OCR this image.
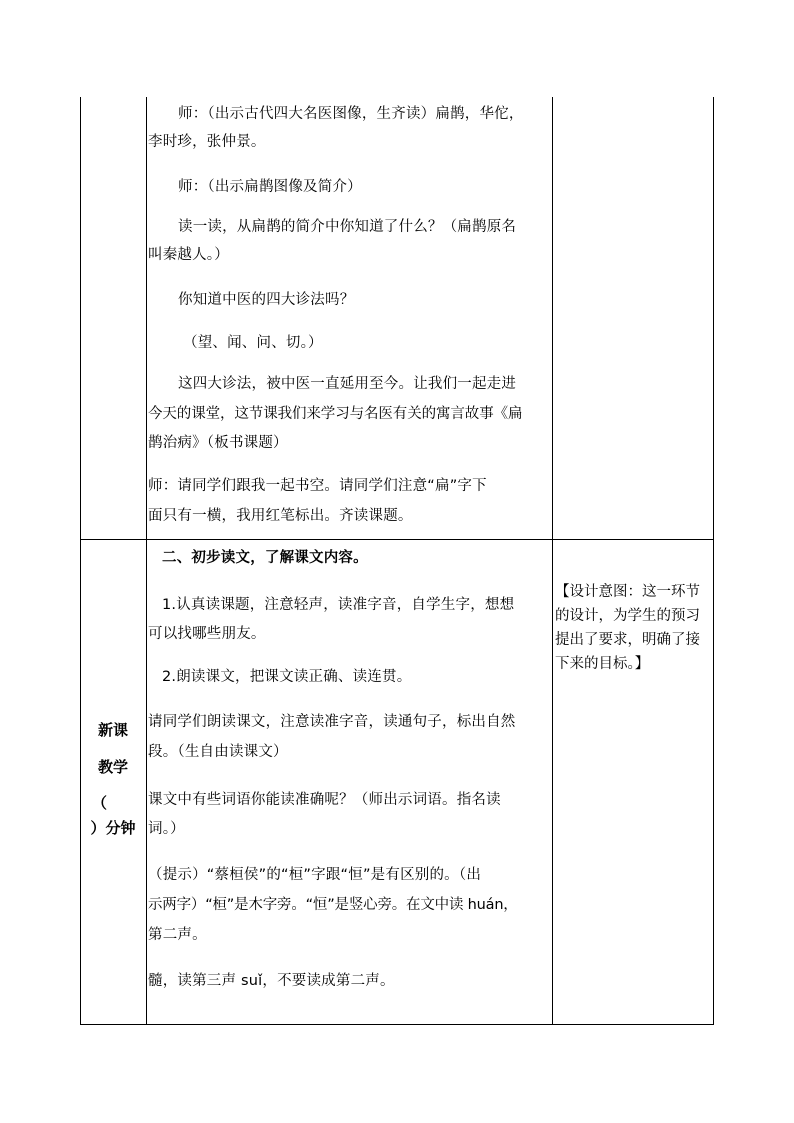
师：（出示古代四大名医图像，生齐读）扁鹊，华佗，
李时珍，张仲景。
师：（出示扁鹊图像及简介）
读一读，从扁鹊的简介中你知道了什么？（扁鹊原名
叫秦越人。）
你知道中医的四大诊法吗？
（望、闻、问、切。）
这四大诊法，被中医一直延用至今。让我们一起走进
今天的课堂，这节课我们来学习与名医有关的寓言故事《扁
鹊治病》（板书课题）
师：请同学们跟我一起书空。请同学们注意“扁”字下
面只有一横，我用红笔标出。齐读课题。
新课
教学
（
）分钟
二、初步读文，了解课文内容。
1.认真读课题，注意轻声，读准字音，自学生字，想想
可以找哪些朋友。
2.朗读课文，把课文读正确、读连贯。
请同学们朗读课文，注意读准字音，读通句子，标出自然
段。（生自由读课文）
课文中有些词语你能读准确呢？（师出示词语。指名读
词。）
（提示）“蔡桓侯”的“桓”字跟“恒”是有区别的。（出
示两字）“桓”是木字旁。“恒”是竖心旁。在文中读 huán，
第二声。
髓，读第三声 suǐ，不要读成第二声。
【设计意图：这一环节
的设计，为学生的预习
提出了要求，明确了接
下来的目标。】
